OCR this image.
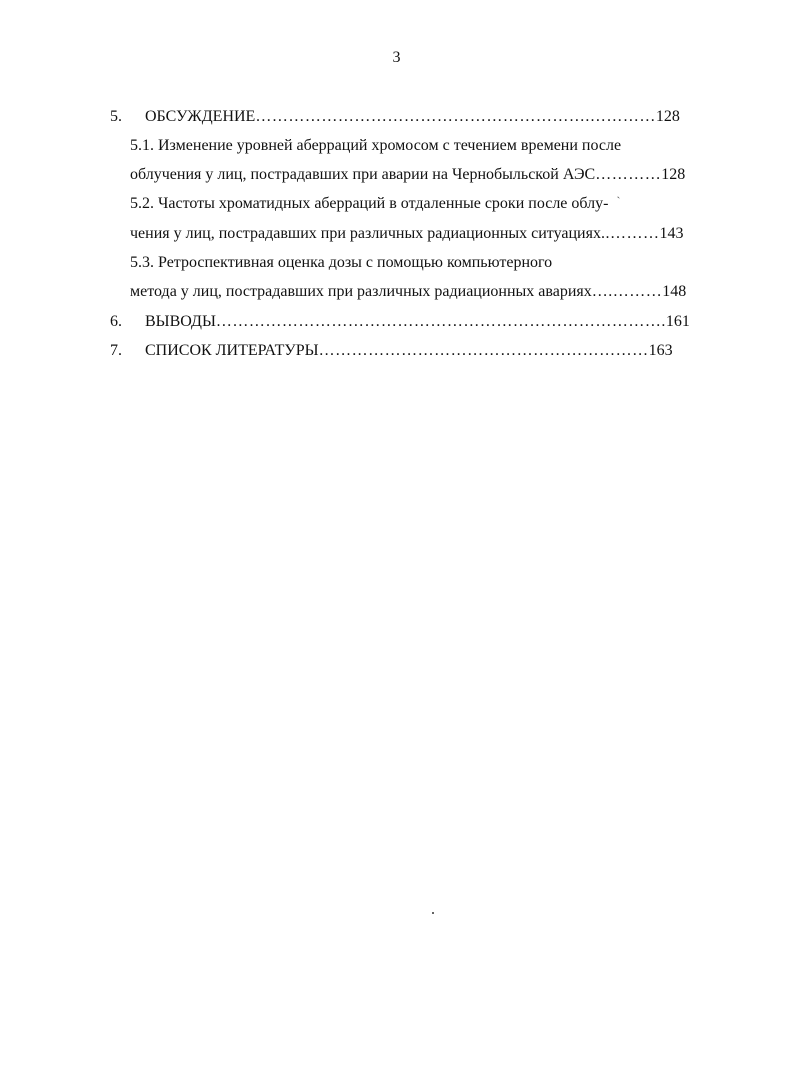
3
5. ОБСУЖДЕНИЕ…………………………………………………….…………128
5.1. Изменение уровней аберраций хромосом с течением времени после
облучения у лиц, пострадавших при аварии на Чернобыльской АЭС…………128
5.2. Частоты хроматидных аберраций в отдаленные сроки после облу- `
чения у лиц, пострадавших при различных радиационных ситуациях..………143
5.3. Ретроспективная оценка дозы с помощью компьютерного
метода у лиц, пострадавших при различных радиационных авариях….………148
6. ВЫВОДЫ……………………………………………………………………….161
7. СПИСОК ЛИТЕРАТУРЫ……………………………………………………163
